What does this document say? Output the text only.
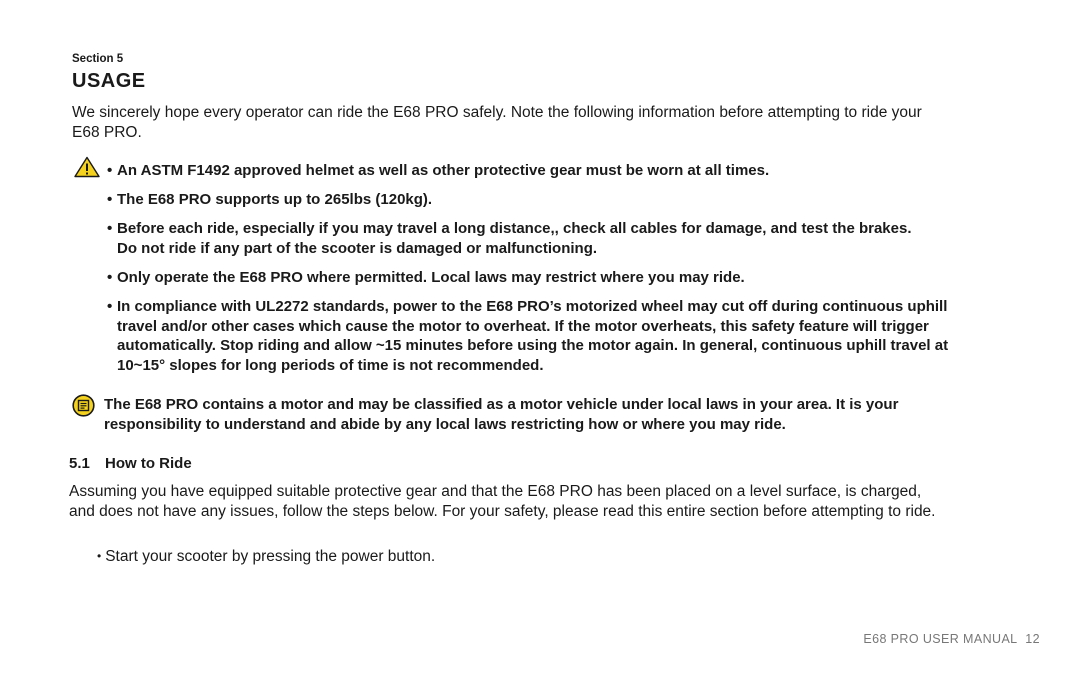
Section 5
USAGE
We sincerely hope every operator can ride the E68 PRO safely. Note the following information before attempting to ride your E68 PRO.
• An ASTM F1492 approved helmet as well as other protective gear must be worn at all times.
• The E68 PRO supports up to 265lbs (120kg).
• Before each ride, especially if you may travel a long distance,, check all cables for damage, and test the brakes. Do not ride if any part of the scooter is damaged or malfunctioning.
• Only operate the E68 PRO where permitted. Local laws may restrict where you may ride.
• In compliance with UL2272 standards, power to the E68 PRO’s motorized wheel may cut off during continuous uphill travel and/or other cases which cause the motor to overheat. If the motor overheats, this safety feature will trigger automatically. Stop riding and allow ~15 minutes before using the motor again. In general, continuous uphill travel at 10~15° slopes for long periods of time is not recommended.
The E68 PRO contains a motor and may be classified as a motor vehicle under local laws in your area. It is your responsibility to understand and abide by any local laws restricting how or where you may ride.
5.1 How to Ride
Assuming you have equipped suitable protective gear and that the E68 PRO has been placed on a level surface, is charged, and does not have any issues, follow the steps below. For your safety, please read this entire section before attempting to ride.
• Start your scooter by pressing the power button.
E68 PRO USER MANUAL 12
